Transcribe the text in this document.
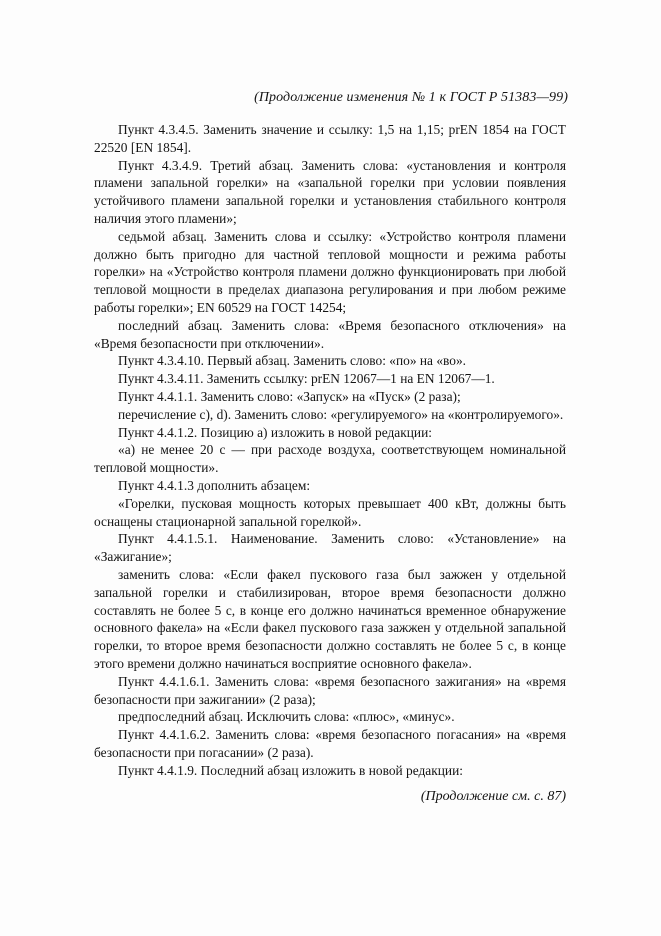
(Продолжение изменения № 1 к ГОСТ Р 51383—99)

Пункт 4.3.4.5. Заменить значение и ссылку: 1,5 на 1,15; prEN 1854 на ГОСТ 22520 [EN 1854].

Пункт 4.3.4.9. Третий абзац. Заменить слова: «установления и контроля пламени запальной горелки» на «запальной горелки при условии появления устойчивого пламени запальной горелки и установления стабильного контроля наличия этого пламени»;

седьмой абзац. Заменить слова и ссылку: «Устройство контроля пламени должно быть пригодно для частной тепловой мощности и режима работы горелки» на «Устройство контроля пламени должно функционировать при любой тепловой мощности в пределах диапазона регулирования и при любом режиме работы горелки»; EN 60529 на ГОСТ 14254;

последний абзац. Заменить слова: «Время безопасного отключения» на «Время безопасности при отключении».

Пункт 4.3.4.10. Первый абзац. Заменить слово: «по» на «во».

Пункт 4.3.4.11. Заменить ссылку: prEN 12067—1 на EN 12067—1.

Пункт 4.4.1.1. Заменить слово: «Запуск» на «Пуск» (2 раза);

перечисление с), d). Заменить слово: «регулируемого» на «контролируемого».

Пункт 4.4.1.2. Позицию а) изложить в новой редакции:

«а) не менее 20 с — при расходе воздуха, соответствующем номинальной тепловой мощности».

Пункт 4.4.1.3 дополнить абзацем:

«Горелки, пусковая мощность которых превышает 400 кВт, должны быть оснащены стационарной запальной горелкой».

Пункт 4.4.1.5.1. Наименование. Заменить слово: «Установление» на «Зажигание»;

заменить слова: «Если факел пускового газа был зажжен у отдельной запальной горелки и стабилизирован, второе время безопасности должно составлять не более 5 с, в конце его должно начинаться временное обнаружение основного факела» на «Если факел пускового газа зажжен у отдельной запальной горелки, то второе время безопасности должно составлять не более 5 с, в конце этого времени должно начинаться восприятие основного факела».

Пункт 4.4.1.6.1. Заменить слова: «время безопасного зажигания» на «время безопасности при зажигании» (2 раза);

предпоследний абзац. Исключить слова: «плюс», «минус».

Пункт 4.4.1.6.2. Заменить слова: «время безопасного погасания» на «время безопасности при погасании» (2 раза).

Пункт 4.4.1.9. Последний абзац изложить в новой редакции:

(Продолжение см. с. 87)
